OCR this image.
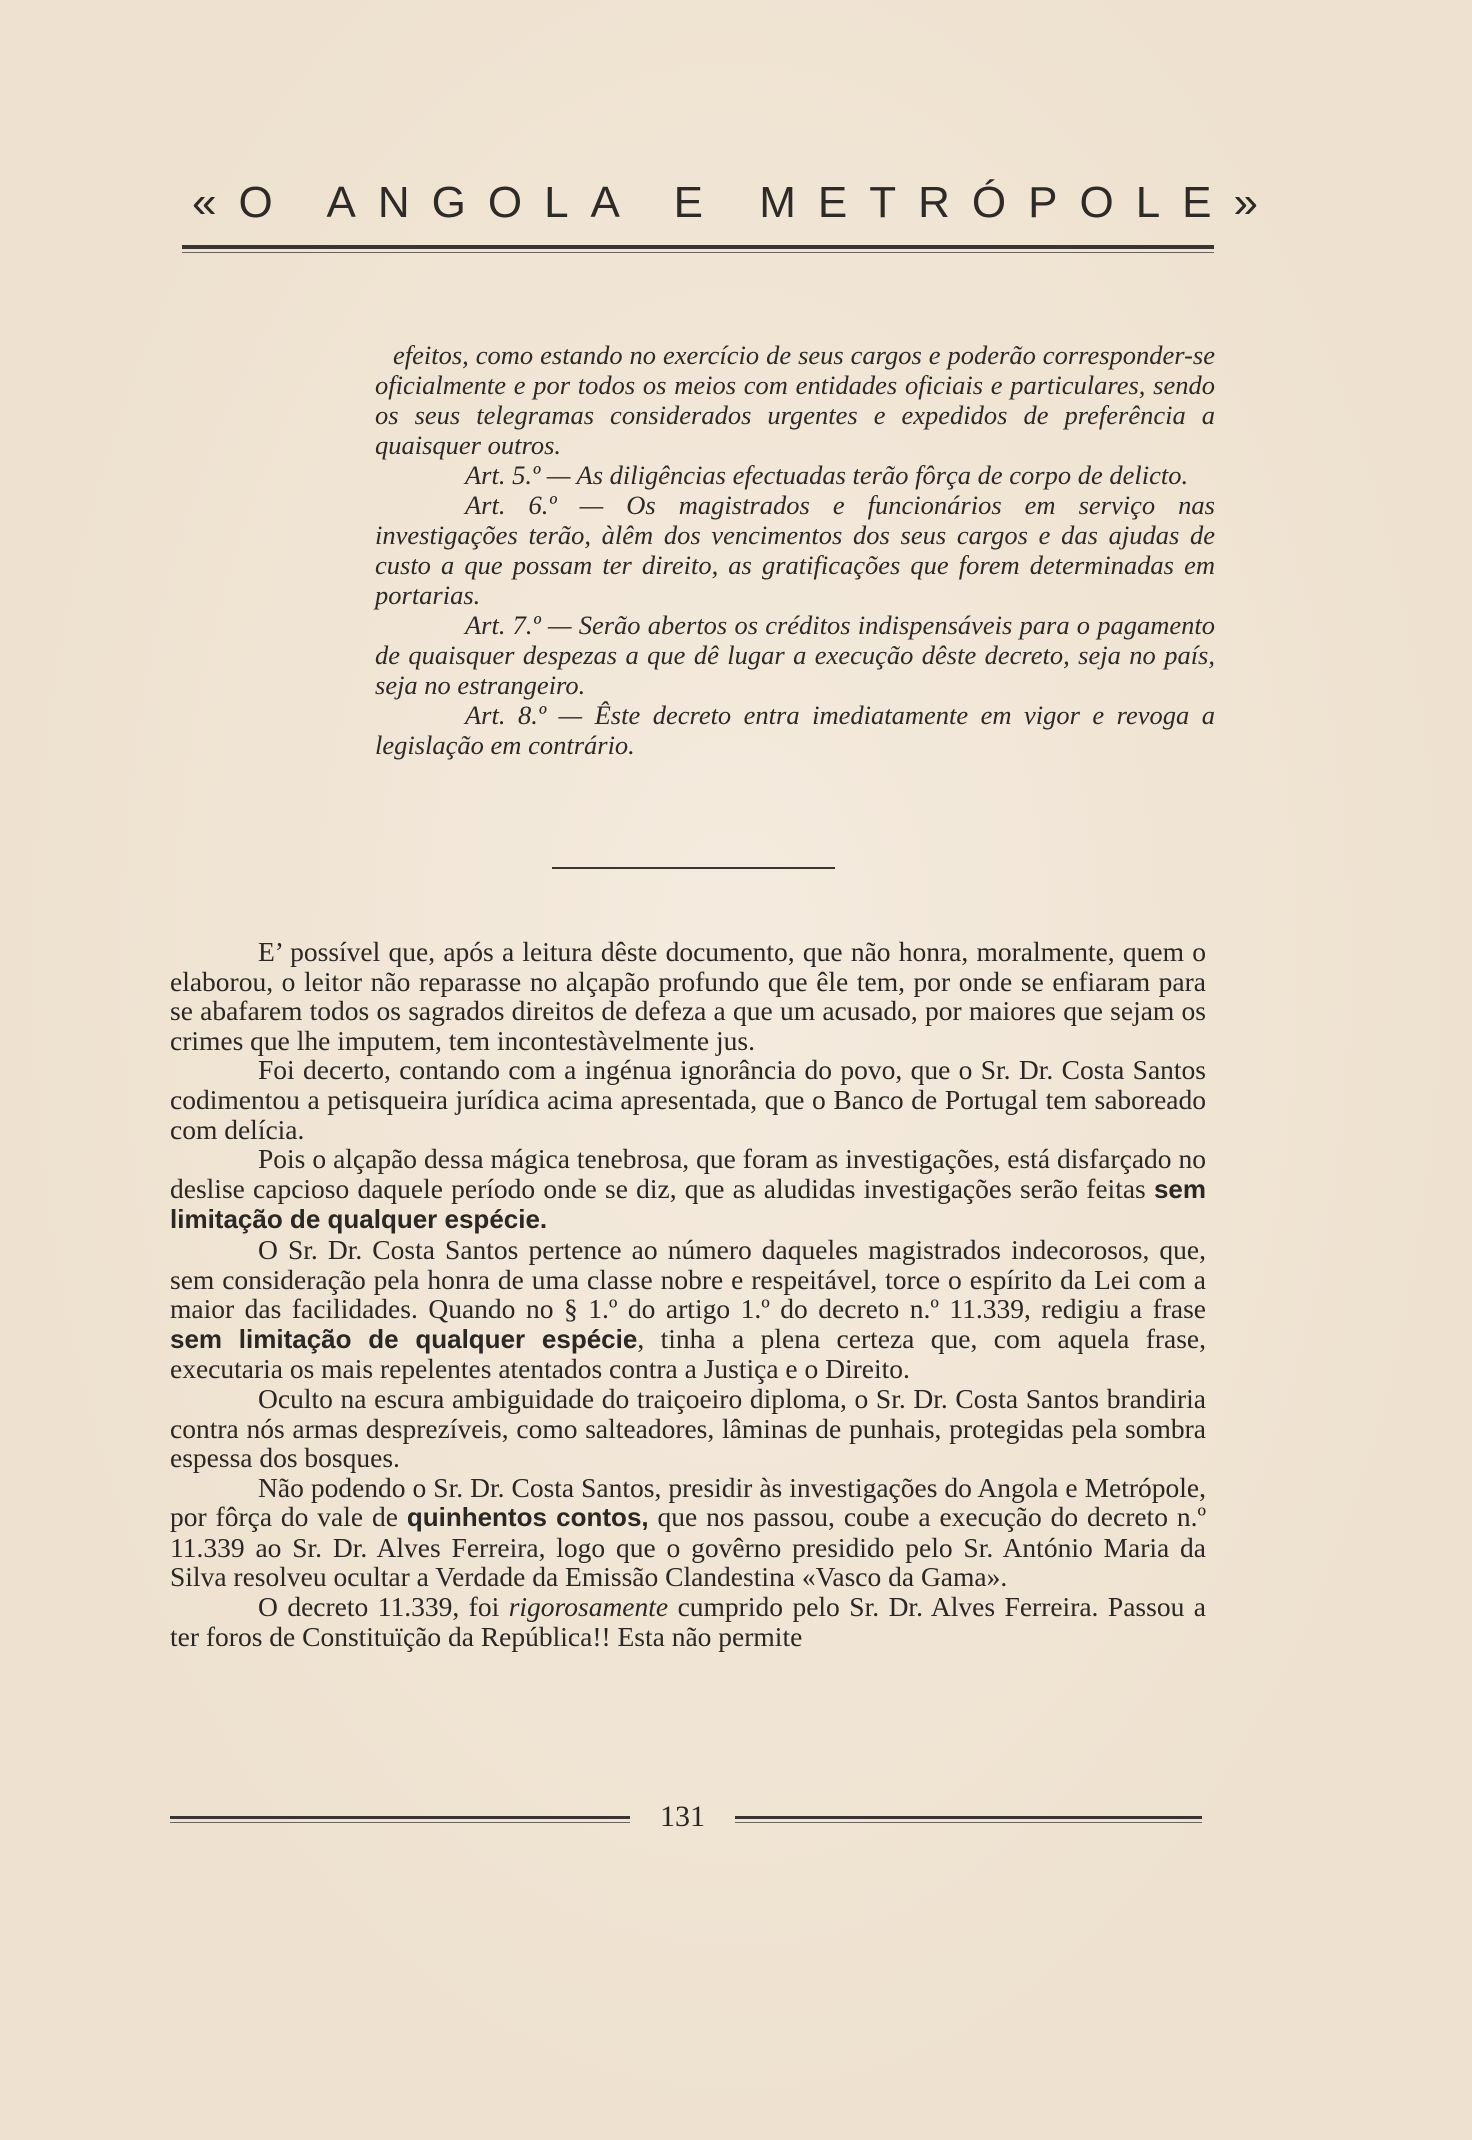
«O ANGOLA E METRÓPOLE»

efeitos, como estando no exercício de seus cargos e poderão corresponder-se oficialmente e por todos os meios com entidades oficiais e particulares, sendo os seus telegramas considerados urgentes e expedidos de preferência a quaisquer outros.

Art. 5.º — As diligências efectuadas terão fôrça de corpo de delicto.

Art. 6.º — Os magistrados e funcionários em serviço nas investigações terão, àlêm dos vencimentos dos seus cargos e das ajudas de custo a que possam ter direito, as gratificações que forem determinadas em portarias.

Art. 7.º — Serão abertos os créditos indispensáveis para o pagamento de quaisquer despezas a que dê lugar a execução dêste decreto, seja no país, seja no estrangeiro.

Art. 8.º — Êste decreto entra imediatamente em vigor e revoga a legislação em contrário.

E’ possível que, após a leitura dêste documento, que não honra, moralmente, quem o elaborou, o leitor não reparasse no alçapão profundo que êle tem, por onde se enfiaram para se abafarem todos os sagrados direitos de defeza a que um acusado, por maiores que sejam os crimes que lhe imputem, tem incontestàvelmente jus.

Foi decerto, contando com a ingénua ignorância do povo, que o Sr. Dr. Costa Santos codimentou a petisqueira jurídica acima apresentada, que o Banco de Portugal tem saboreado com delícia.

Pois o alçapão dessa mágica tenebrosa, que foram as investigações, está disfarçado no deslise capcioso daquele período onde se diz, que as aludidas investigações serão feitas sem limitação de qualquer espécie.

O Sr. Dr. Costa Santos pertence ao número daqueles magistrados indecorosos, que, sem consideração pela honra de uma classe nobre e respeitável, torce o espírito da Lei com a maior das facilidades. Quando no § 1.º do artigo 1.º do decreto n.º 11.339, redigiu a frase sem limitação de qualquer espécie, tinha a plena certeza que, com aquela frase, executaria os mais repelentes atentados contra a Justiça e o Direito.

Oculto na escura ambiguidade do traiçoeiro diploma, o Sr. Dr. Costa Santos brandiria contra nós armas desprezíveis, como salteadores, lâminas de punhais, protegidas pela sombra espessa dos bosques.

Não podendo o Sr. Dr. Costa Santos, presidir às investigações do Angola e Metrópole, por fôrça do vale de quinhentos contos, que nos passou, coube a execução do decreto n.º 11.339 ao Sr. Dr. Alves Ferreira, logo que o govêrno presidido pelo Sr. António Maria da Silva resolveu ocultar a Verdade da Emissão Clandestina «Vasco da Gama».

O decreto 11.339, foi rigorosamente cumprido pelo Sr. Dr. Alves Ferreira. Passou a ter foros de Constituïção da República!! Esta não permite

131
